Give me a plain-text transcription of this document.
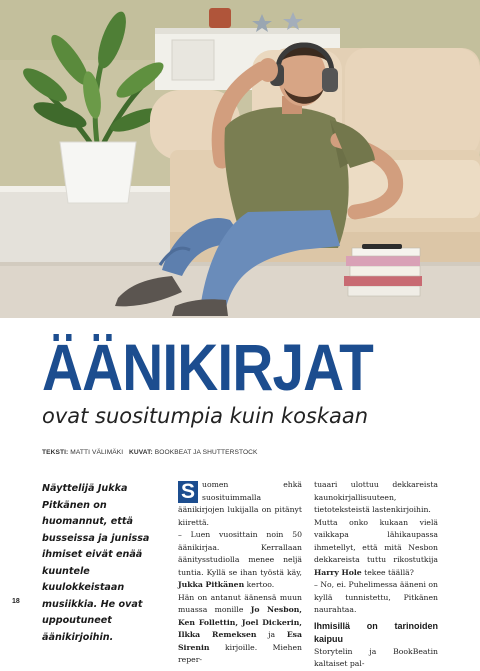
ÄÄNIKIRJAT
ovat suositumpia kuin koskaan
TEKSTI: MATTI VÄLIMÄKI KUVAT: BOOKBEAT JA SHUTTERSTOCK
Näyttelijä Jukka Pitkänen on huomannut, että busseissa ja junissa ihmiset eivät enää kuuntele kuulokkeistaan musiikkia. He ovat uppoutuneet äänikirjoihin.

S uomen ehkä suosituimmalla äänikirjojen lukijalla on pitänyt kiirettä.

– Luen vuosittain noin 50 äänikirjaa. Kerrallaan äänitysstudiolla menee neljä tuntia. Kyllä se ihan työstä käy, Jukka Pitkänen kertoo.

Hän on antanut äänensä muun muassa monille Jo Nesbon, Ken Follettin, Joel Dickerin, Ilkka Remeksen ja Esa Sirenin kirjoille. Miehen reper-

tuaari ulottuu dekkareista kaunokirjallisuuteen, tietoteksteistä lastenkirjoihin.

Mutta onko kukaan vielä vaikkapa lähikaupassa ihmetellyt, että mitä Nesbon dekkareista tuttu rikostutkija Harry Hole tekee täällä?

– No, ei. Puhelimessa ääneni on kyllä tunnistettu, Pitkänen naurahtaa.

Ihmisillä on tarinoiden kaipuu

Storytelin ja BookBeatin kaltaiset pal-

18
